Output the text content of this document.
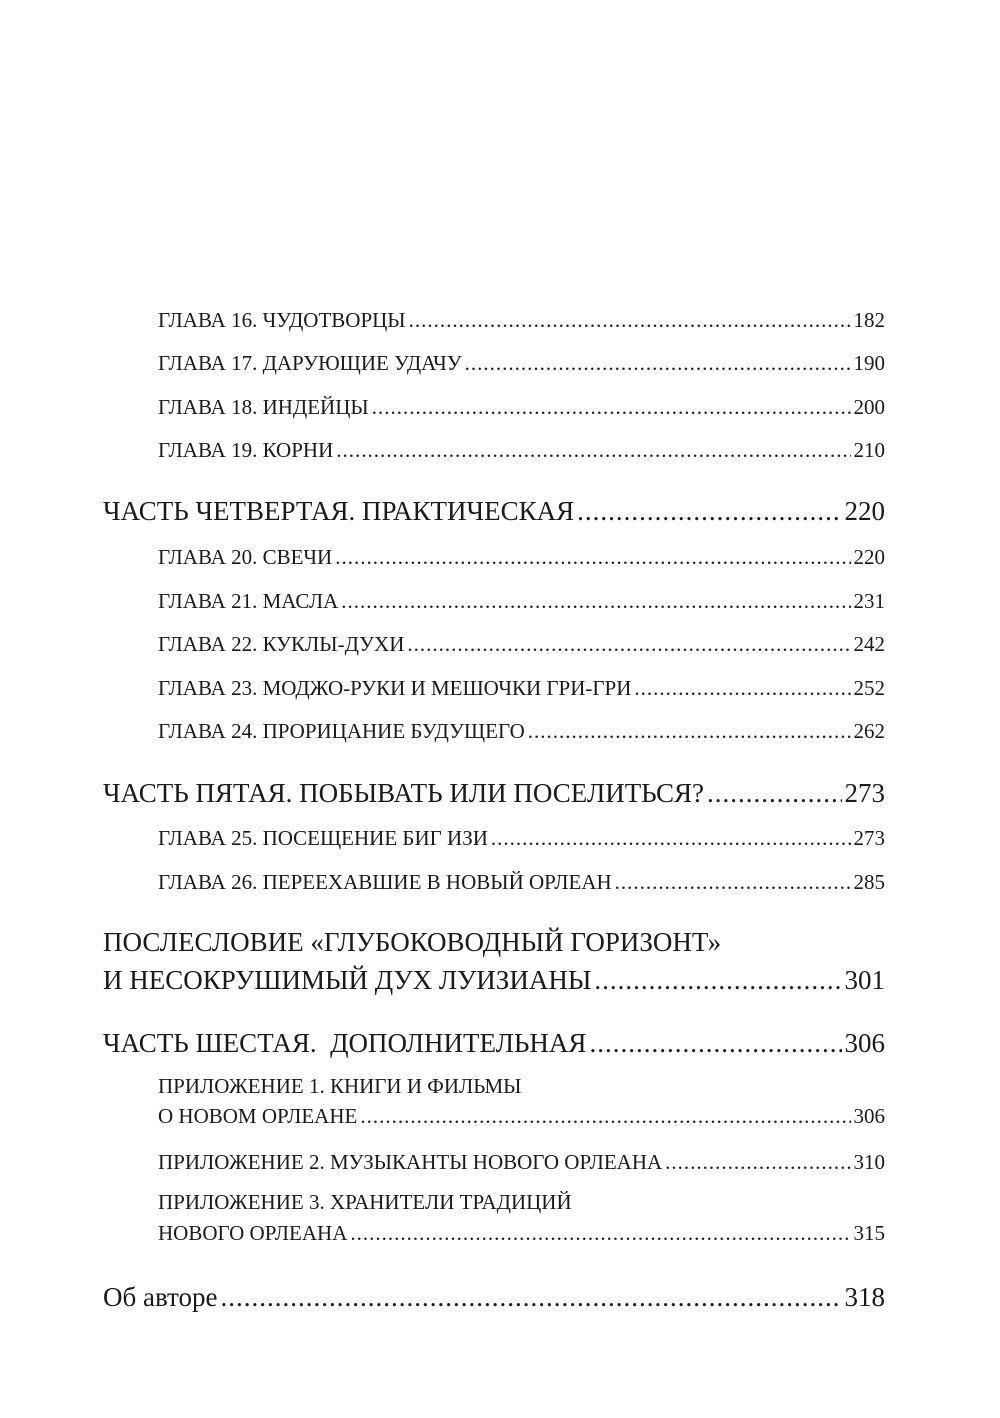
ГЛАВА 16. ЧУДОТВОРЦЫ .....	182
ГЛАВА 17. ДАРУЮЩИЕ УДАЧУ .....	190
ГЛАВА 18. ИНДЕЙЦЫ .....	200
ГЛАВА 19. КОРНИ .....	210
ЧАСТЬ ЧЕТВЕРТАЯ. ПРАКТИЧЕСКАЯ .....	220
ГЛАВА 20. СВЕЧИ .....	220
ГЛАВА 21. МАСЛА .....	231
ГЛАВА 22. КУКЛЫ-ДУХИ .....	242
ГЛАВА 23. МОДЖО-РУКИ И МЕШОЧКИ ГРИ-ГРИ .....	252
ГЛАВА 24. ПРОРИЦАНИЕ БУДУЩЕГО .....	262
ЧАСТЬ ПЯТАЯ. ПОБЫВАТЬ ИЛИ ПОСЕЛИТЬСЯ? .....	273
ГЛАВА 25. ПОСЕЩЕНИЕ БИГ ИЗИ .....	273
ГЛАВА 26. ПЕРЕЕХАВШИЕ В НОВЫЙ ОРЛЕАН .....	285
ПОСЛЕСЛОВИЕ «ГЛУБОКОВОДНЫЙ ГОРИЗОНТ»
И НЕСОКРУШИМЫЙ ДУХ ЛУИЗИАНЫ .....	301
ЧАСТЬ ШЕСТАЯ.  ДОПОЛНИТЕЛЬНАЯ .....	306
ПРИЛОЖЕНИЕ 1. КНИГИ И ФИЛЬМЫ
О НОВОМ ОРЛЕАНЕ .....	306
ПРИЛОЖЕНИЕ 2. МУЗЫКАНТЫ НОВОГО ОРЛЕАНА .....	310
ПРИЛОЖЕНИЕ 3. ХРАНИТЕЛИ ТРАДИЦИЙ
НОВОГО ОРЛЕАНА .....	315
Об авторе .....	318
